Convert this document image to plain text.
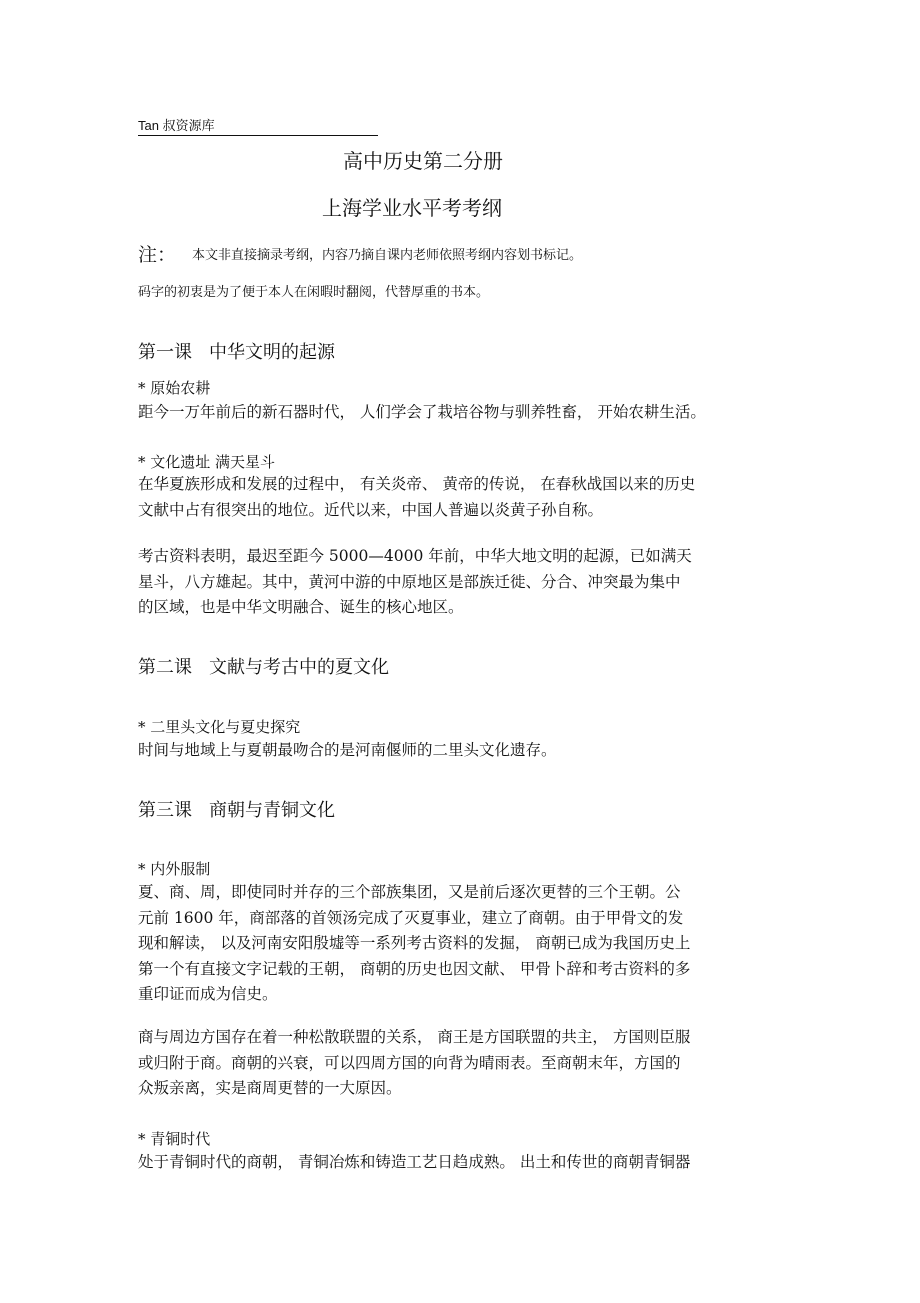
Tan 叔资源库
高中历史第二分册
上海学业水平考考纲
注： 本文非直接摘录考纲，内容乃摘自课内老师依照考纲内容划书标记。
码字的初衷是为了便于本人在闲暇时翻阅，代替厚重的书本。
第一课 中华文明的起源
* 原始农耕
距今一万年前后的新石器时代， 人们学会了栽培谷物与驯养牲畜， 开始农耕生活。
* 文化遗址 满天星斗
在华夏族形成和发展的过程中， 有关炎帝、 黄帝的传说， 在春秋战国以来的历史
文献中占有很突出的地位。近代以来，中国人普遍以炎黄子孙自称。
考古资料表明，最迟至距今 5000—4000 年前，中华大地文明的起源，已如满天
星斗，八方雄起。其中，黄河中游的中原地区是部族迁徙、分合、冲突最为集中
的区域，也是中华文明融合、诞生的核心地区。
第二课 文献与考古中的夏文化
* 二里头文化与夏史探究
时间与地域上与夏朝最吻合的是河南偃师的二里头文化遗存。
第三课 商朝与青铜文化
* 内外服制
夏、商、周，即使同时并存的三个部族集团，又是前后逐次更替的三个王朝。公
元前 1600 年，商部落的首领汤完成了灭夏事业，建立了商朝。由于甲骨文的发
现和解读， 以及河南安阳殷墟等一系列考古资料的发掘， 商朝已成为我国历史上
第一个有直接文字记载的王朝， 商朝的历史也因文献、 甲骨卜辞和考古资料的多
重印证而成为信史。
商与周边方国存在着一种松散联盟的关系， 商王是方国联盟的共主， 方国则臣服
或归附于商。商朝的兴衰，可以四周方国的向背为晴雨表。至商朝末年，方国的
众叛亲离，实是商周更替的一大原因。
* 青铜时代
处于青铜时代的商朝， 青铜冶炼和铸造工艺日趋成熟。 出土和传世的商朝青铜器
